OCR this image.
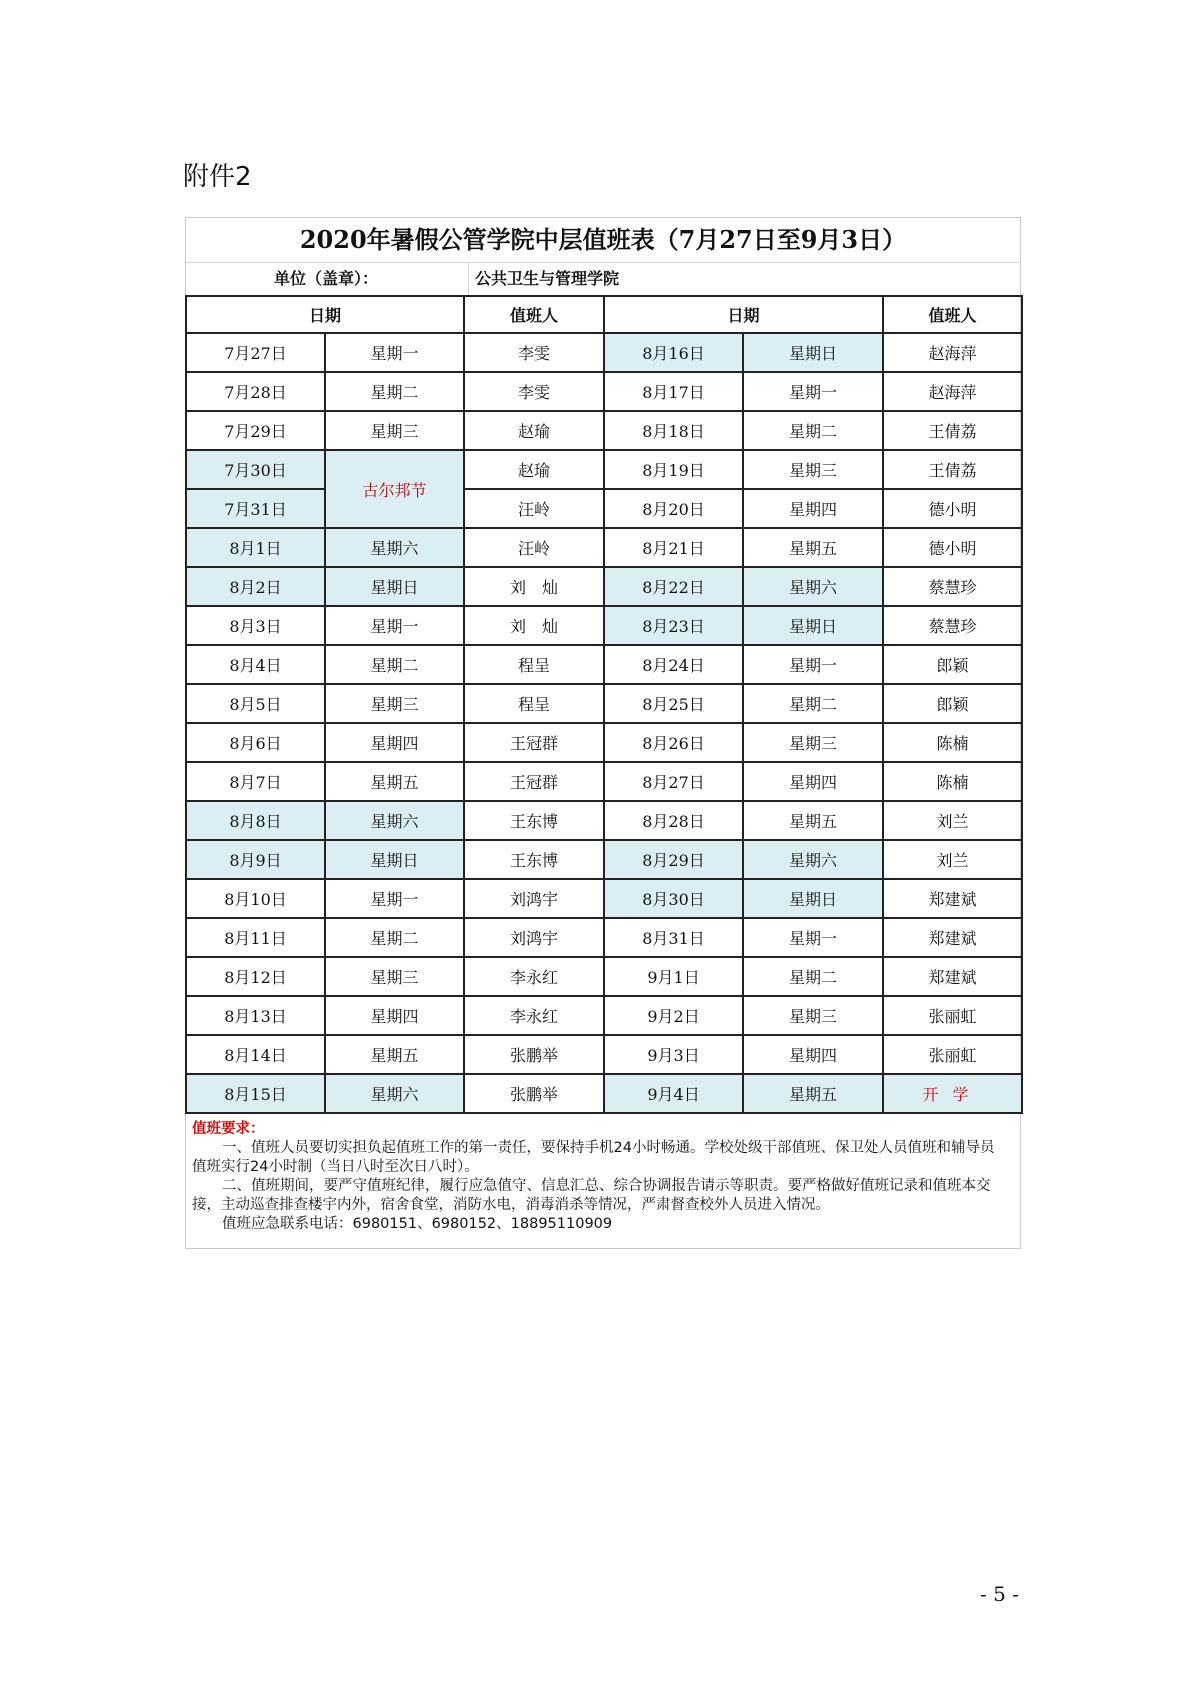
附件2
2020年暑假公管学院中层值班表（7月27日至9月3日）
单位（盖章）：	公共卫生与管理学院
日期		值班人	日期		值班人
7月27日	星期一	李雯	8月16日	星期日	赵海萍
7月28日	星期二	李雯	8月17日	星期一	赵海萍
7月29日	星期三	赵瑜	8月18日	星期二	王倩荔
7月30日	古尔邦节	赵瑜	8月19日	星期三	王倩荔
7月31日		汪岭	8月20日	星期四	德小明
8月1日	星期六	汪岭	8月21日	星期五	德小明
8月2日	星期日	刘　灿	8月22日	星期六	蔡慧珍
8月3日	星期一	刘　灿	8月23日	星期日	蔡慧珍
8月4日	星期二	程呈	8月24日	星期一	郎颖
8月5日	星期三	程呈	8月25日	星期二	郎颖
8月6日	星期四	王冠群	8月26日	星期三	陈楠
8月7日	星期五	王冠群	8月27日	星期四	陈楠
8月8日	星期六	王东博	8月28日	星期五	刘兰
8月9日	星期日	王东博	8月29日	星期六	刘兰
8月10日	星期一	刘鸿宇	8月30日	星期日	郑建斌
8月11日	星期二	刘鸿宇	8月31日	星期一	郑建斌
8月12日	星期三	李永红	9月1日	星期二	郑建斌
8月13日	星期四	李永红	9月2日	星期三	张丽虹
8月14日	星期五	张鹏举	9月3日	星期四	张丽虹
8月15日	星期六	张鹏举	9月4日	星期五	开学
值班要求：
一、值班人员要切实担负起值班工作的第一责任，要保持手机24小时畅通。学校处级干部值班、保卫处人员值班和辅导员值班实行24小时制（当日八时至次日八时）。
二、值班期间，要严守值班纪律，履行应急值守、信息汇总、综合协调报告请示等职责。要严格做好值班记录和值班本交接，主动巡查排查楼宇内外，宿舍食堂，消防水电，消毒消杀等情况，严肃督查校外人员进入情况。
值班应急联系电话：6980151、6980152、18895110909
- 5 -
